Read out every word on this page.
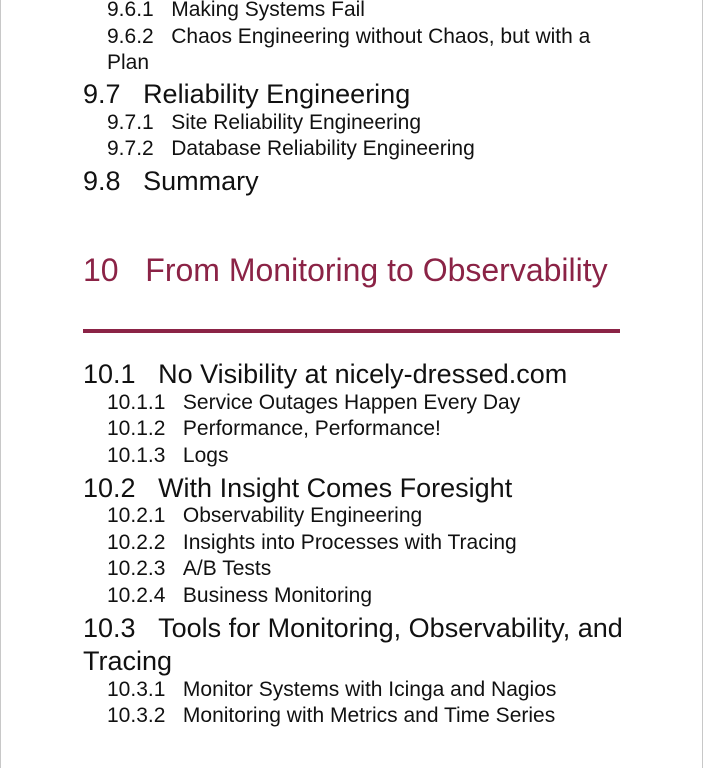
9.6.1 Making Systems Fail
9.6.2 Chaos Engineering without Chaos, but with a Plan
9.7 Reliability Engineering
9.7.1 Site Reliability Engineering
9.7.2 Database Reliability Engineering
9.8 Summary
10 From Monitoring to Observability
10.1 No Visibility at nicely-dressed.com
10.1.1 Service Outages Happen Every Day
10.1.2 Performance, Performance!
10.1.3 Logs
10.2 With Insight Comes Foresight
10.2.1 Observability Engineering
10.2.2 Insights into Processes with Tracing
10.2.3 A/B Tests
10.2.4 Business Monitoring
10.3 Tools for Monitoring, Observability, and Tracing
10.3.1 Monitor Systems with Icinga and Nagios
10.3.2 Monitoring with Metrics and Time Series
